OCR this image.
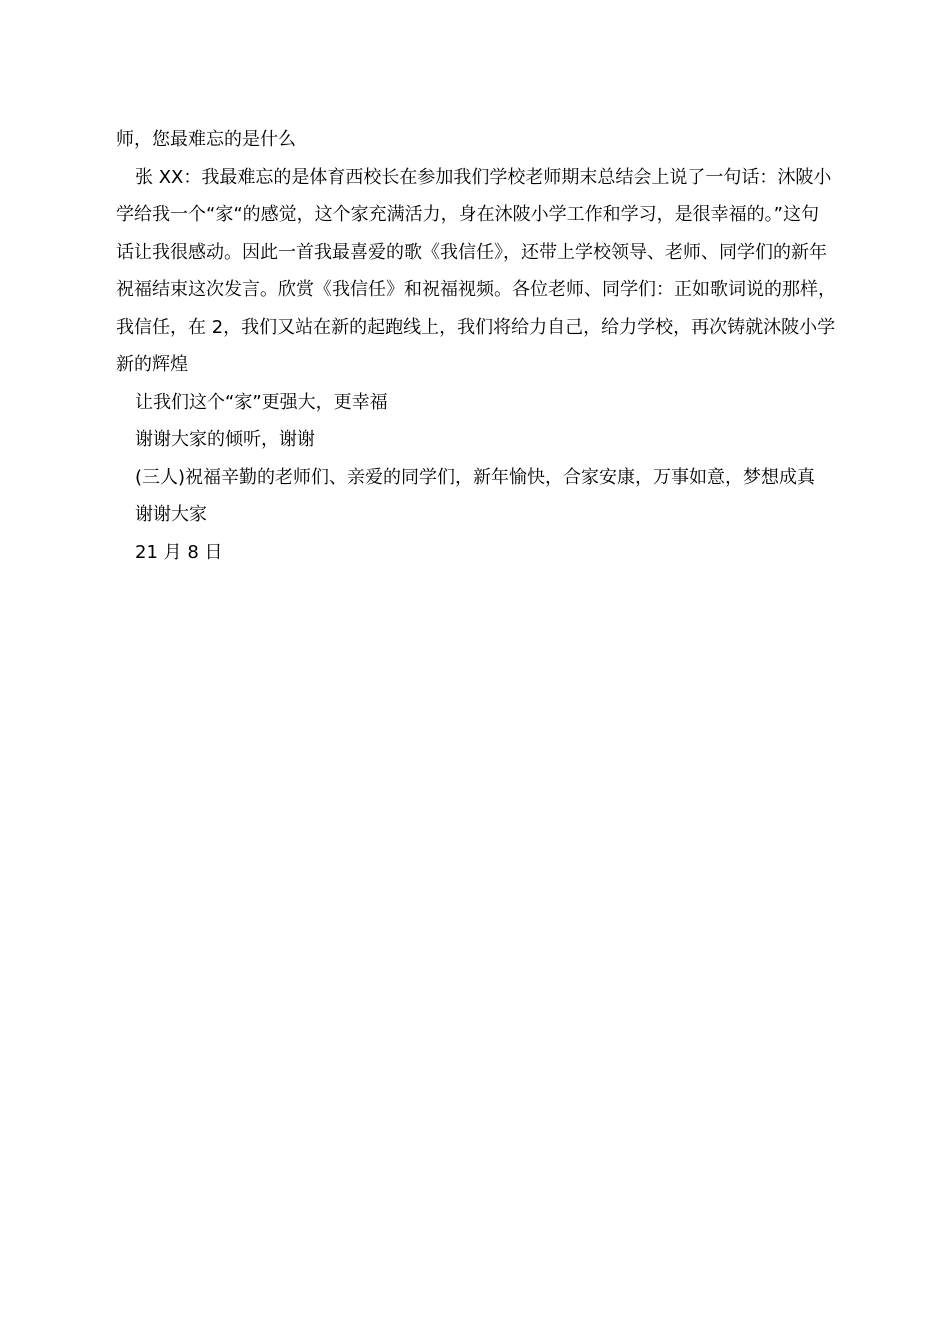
师，您最难忘的是什么

张 XX：我最难忘的是体育西校长在参加我们学校老师期末总结会上说了一句话：沐陂小学给我一个“家“的感觉，这个家充满活力，身在沐陂小学工作和学习，是很幸福的。”这句话让我很感动。因此一首我最喜爱的歌《我信任》，还带上学校领导、老师、同学们的新年祝福结束这次发言。欣赏《我信任》和祝福视频。各位老师、同学们：正如歌词说的那样，我信任，在 2，我们又站在新的起跑线上，我们将给力自己，给力学校，再次铸就沐陂小学新的辉煌

让我们这个“家”更强大，更幸福

谢谢大家的倾听，谢谢

(三人)祝福辛勤的老师们、亲爱的同学们，新年愉快，合家安康，万事如意，梦想成真

谢谢大家

21 月 8 日
